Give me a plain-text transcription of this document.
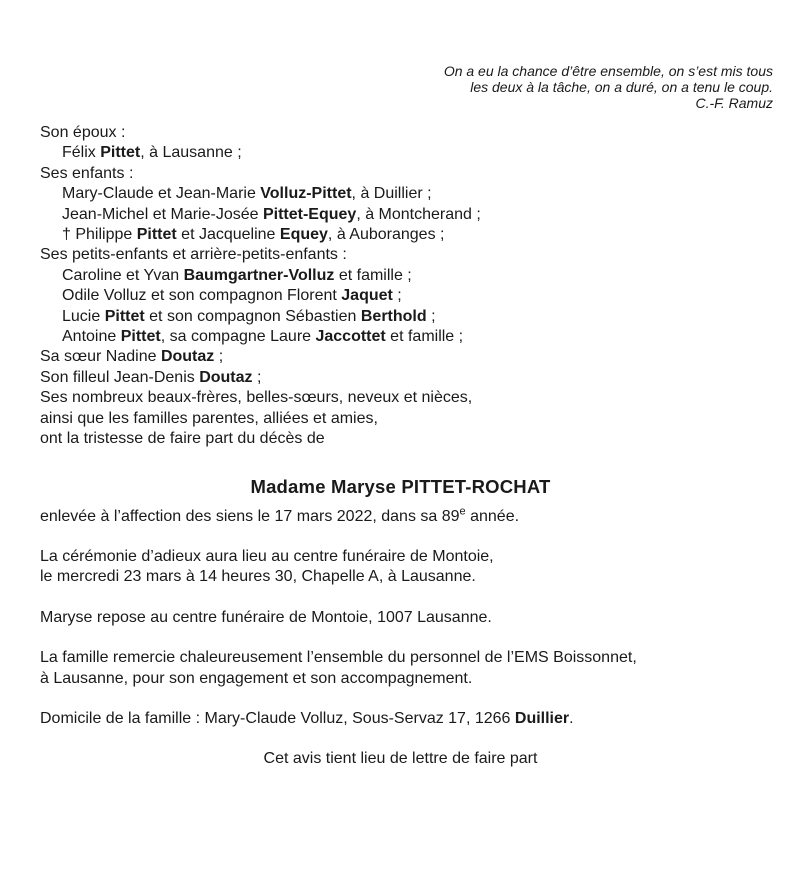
On a eu la chance d’être ensemble, on s’est mis tous
les deux à la tâche, on a duré, on a tenu le coup.
C.-F. Ramuz
Son époux :
Félix Pittet, à Lausanne ;
Ses enfants :
Mary-Claude et Jean-Marie Volluz-Pittet, à Duillier ;
Jean-Michel et Marie-Josée Pittet-Equey, à Montcherand ;
† Philippe Pittet et Jacqueline Equey, à Auboranges ;
Ses petits-enfants et arrière-petits-enfants :
Caroline et Yvan Baumgartner-Volluz et famille ;
Odile Volluz et son compagnon Florent Jaquet ;
Lucie Pittet et son compagnon Sébastien Berthold ;
Antoine Pittet, sa compagne Laure Jaccottet et famille ;
Sa sœur Nadine Doutaz ;
Son filleul Jean-Denis Doutaz ;
Ses nombreux beaux-frères, belles-sœurs, neveux et nièces,
ainsi que les familles parentes, alliées et amies,
ont la tristesse de faire part du décès de
Madame Maryse PITTET-ROCHAT
enlevée à l’affection des siens le 17 mars 2022, dans sa 89e année.
La cérémonie d’adieux aura lieu au centre funéraire de Montoie,
le mercredi 23 mars à 14 heures 30, Chapelle A, à Lausanne.
Maryse repose au centre funéraire de Montoie, 1007 Lausanne.
La famille remercie chaleureusement l’ensemble du personnel de l’EMS Boissonnet,
à Lausanne, pour son engagement et son accompagnement.
Domicile de la famille : Mary-Claude Volluz, Sous-Servaz 17, 1266 Duillier.
Cet avis tient lieu de lettre de faire part
